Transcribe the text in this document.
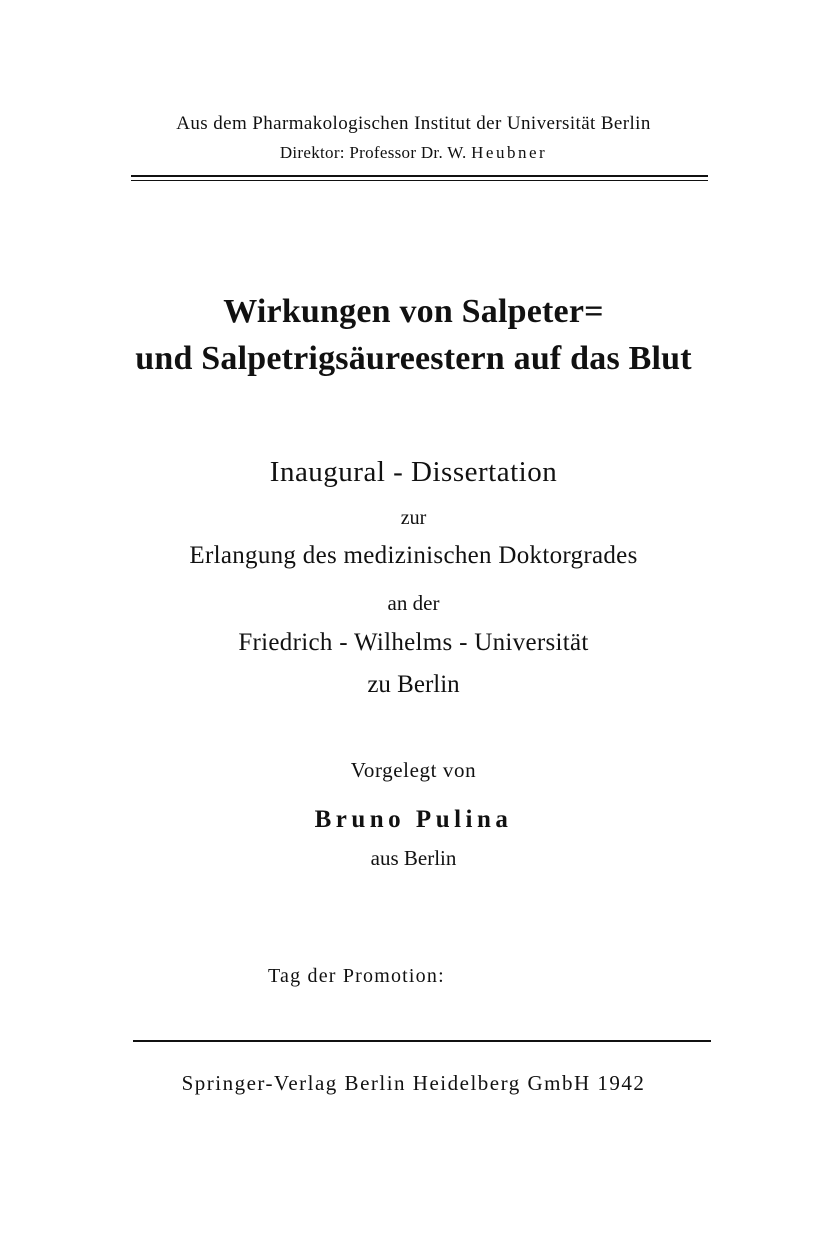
Aus dem Pharmakologischen Institut der Universität Berlin
Direktor: Professor Dr. W. Heubner
Wirkungen von Salpeter=
und Salpetrigsäureestern auf das Blut
Inaugural - Dissertation
zur
Erlangung des medizinischen Doktorgrades
an der
Friedrich - Wilhelms - Universität
zu Berlin
Vorgelegt von
Bruno Pulina
aus Berlin
Tag der Promotion:
Springer-Verlag Berlin Heidelberg GmbH 1942
